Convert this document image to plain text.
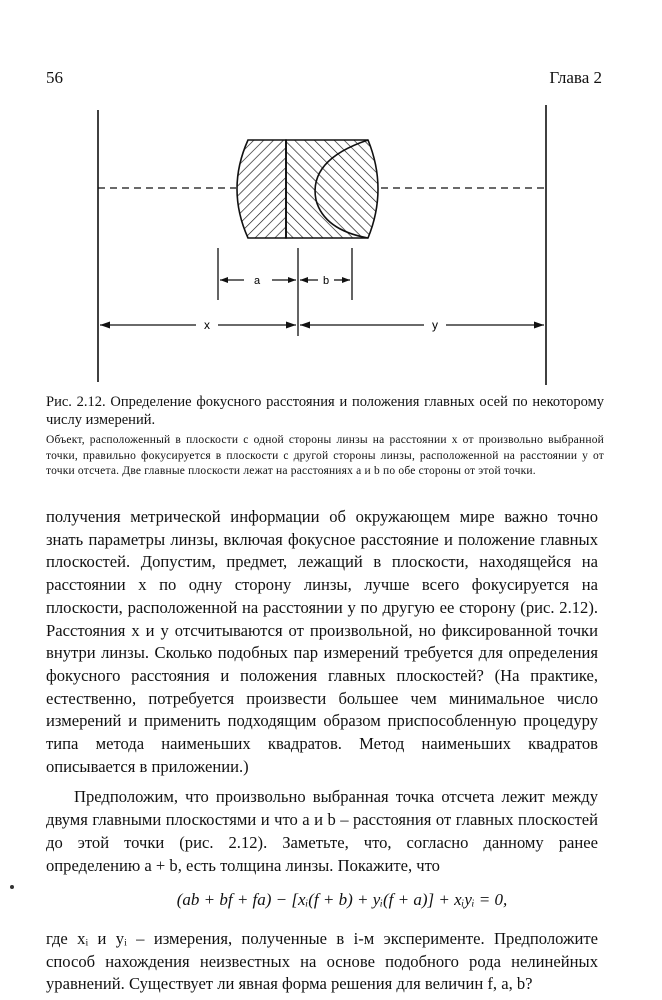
56	Глава 2
a	b
x	y

Рис. 2.12. Определение фокусного расстояния и положения главных осей по некоторому числу измерений.

Объект, расположенный в плоскости с одной стороны линзы на расстоянии x от произвольно выбранной точки, правильно фокусируется в плоскости с другой стороны линзы, расположенной на расстоянии y от точки отсчета. Две главные плоскости лежат на расстояниях a и b по обе стороны от этой точки.

получения метрической информации об окружающем мире важно точно знать параметры линзы, включая фокусное расстояние и положение главных плоскостей. Допустим, предмет, лежащий в плоскости, находящейся на расстоянии x по одну сторону линзы, лучше всего фокусируется на плоскости, расположенной на расстоянии y по другую ее сторону (рис. 2.12). Расстояния x и y отсчитываются от произвольной, но фиксированной точки внутри линзы. Сколько подобных пар измерений требуется для определения фокусного расстояния и положения главных плоскостей? (На практике, естественно, потребуется произвести большее чем минимальное число измерений и применить подходящим образом приспособленную процедуру типа метода наименьших квадратов. Метод наименьших квадратов описывается в приложении.)

Предположим, что произвольно выбранная точка отсчета лежит между двумя главными плоскостями и что a и b – расстояния от главных плоскостей до этой точки (рис. 2.12). Заметьте, что, согласно данному ранее определению a + b, есть толщина линзы. Покажите, что

(ab + bf + fa) − [xᵢ(f + b) + yᵢ(f + a)] + xᵢyᵢ = 0,

где xᵢ и yᵢ – измерения, полученные в i-м эксперименте. Предположите способ нахождения неизвестных на основе подобного рода нелинейных уравнений. Существует ли явная форма решения для величин f, a, b?
